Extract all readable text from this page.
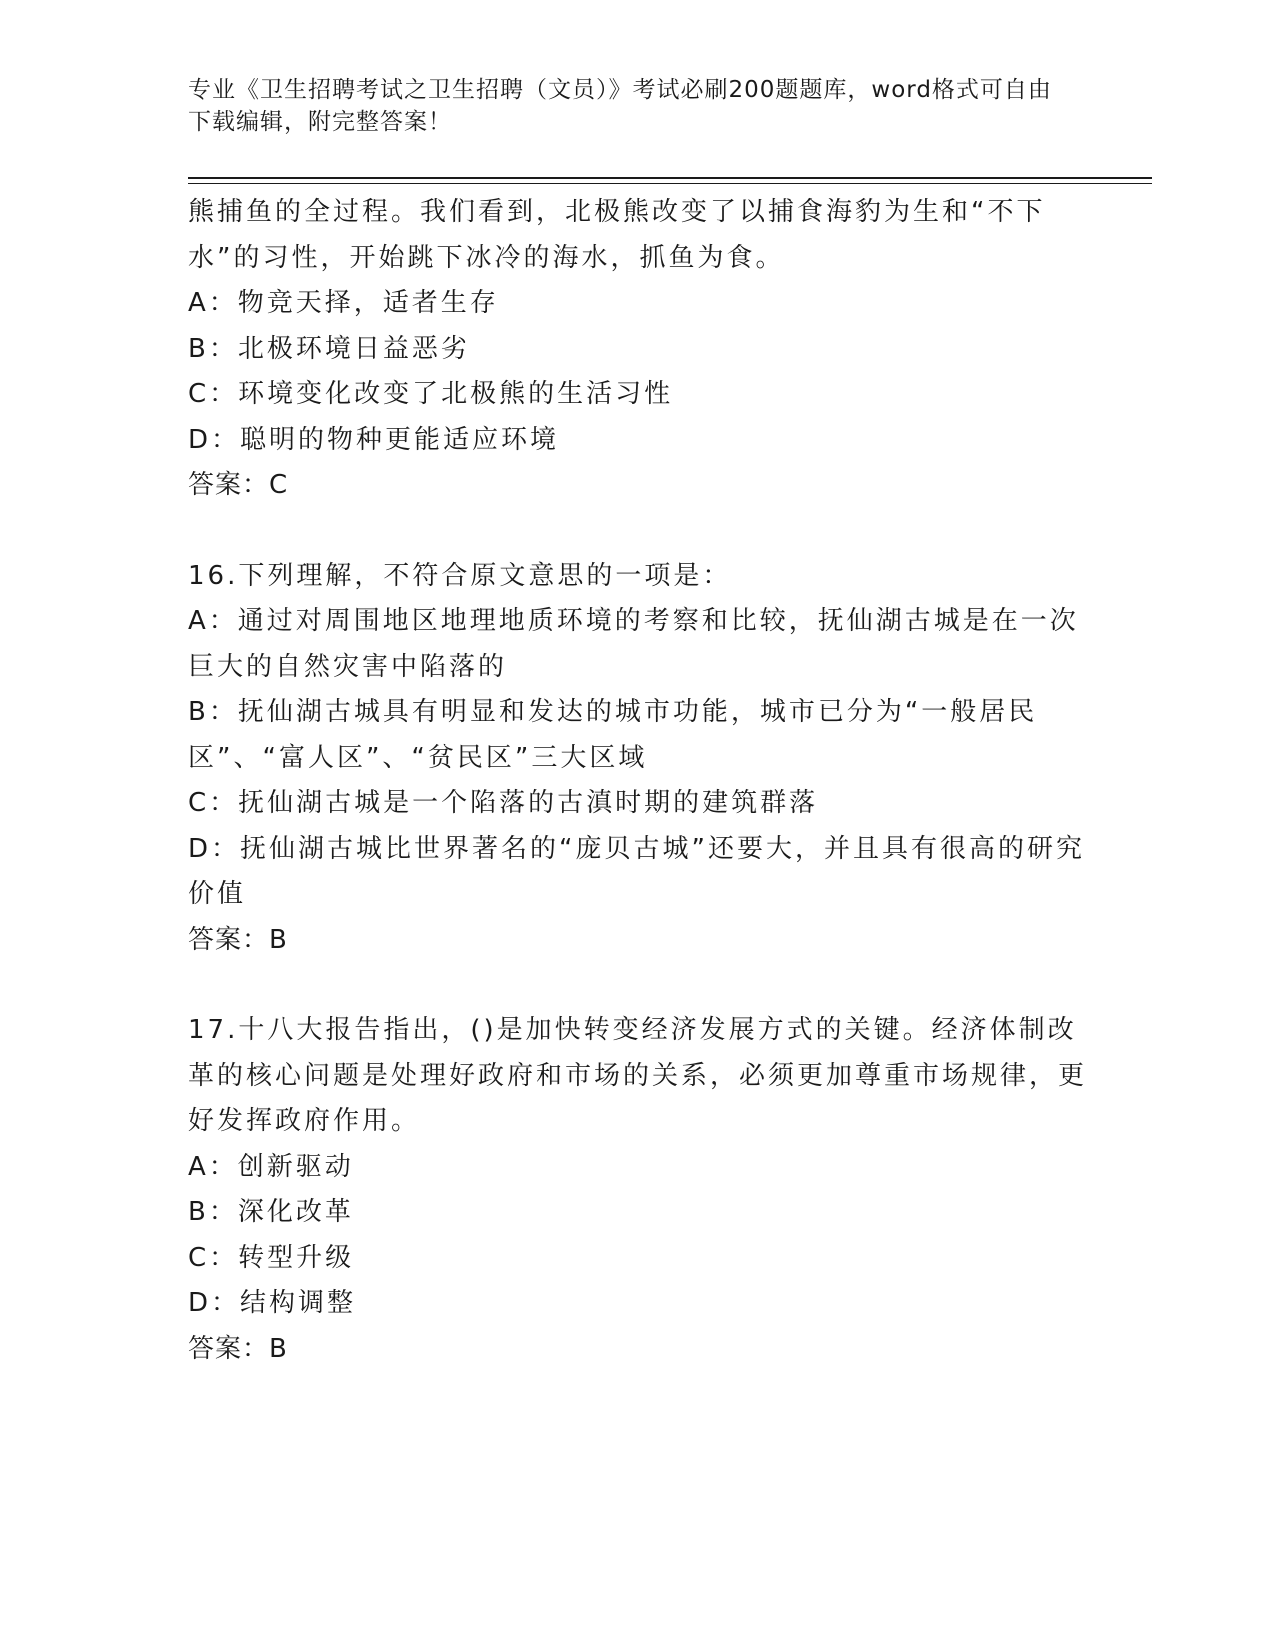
专业《卫生招聘考试之卫生招聘（文员）》考试必刷200题题库，word格式可自由下载编辑，附完整答案！

熊捕鱼的全过程。我们看到，北极熊改变了以捕食海豹为生和“不下水”的习性，开始跳下冰冷的海水，抓鱼为食。

A：物竞天择，适者生存

B：北极环境日益恶劣

C：环境变化改变了北极熊的生活习性

D：聪明的物种更能适应环境

答案：C

16.下列理解，不符合原文意思的一项是：

A：通过对周围地区地理地质环境的考察和比较，抚仙湖古城是在一次巨大的自然灾害中陷落的

B：抚仙湖古城具有明显和发达的城市功能，城市已分为“一般居民区”、“富人区”、“贫民区”三大区域

C：抚仙湖古城是一个陷落的古滇时期的建筑群落

D：抚仙湖古城比世界著名的“庞贝古城”还要大，并且具有很高的研究价值

答案：B

17.十八大报告指出，()是加快转变经济发展方式的关键。经济体制改革的核心问题是处理好政府和市场的关系，必须更加尊重市场规律，更好发挥政府作用。

A：创新驱动

B：深化改革

C：转型升级

D：结构调整

答案：B
